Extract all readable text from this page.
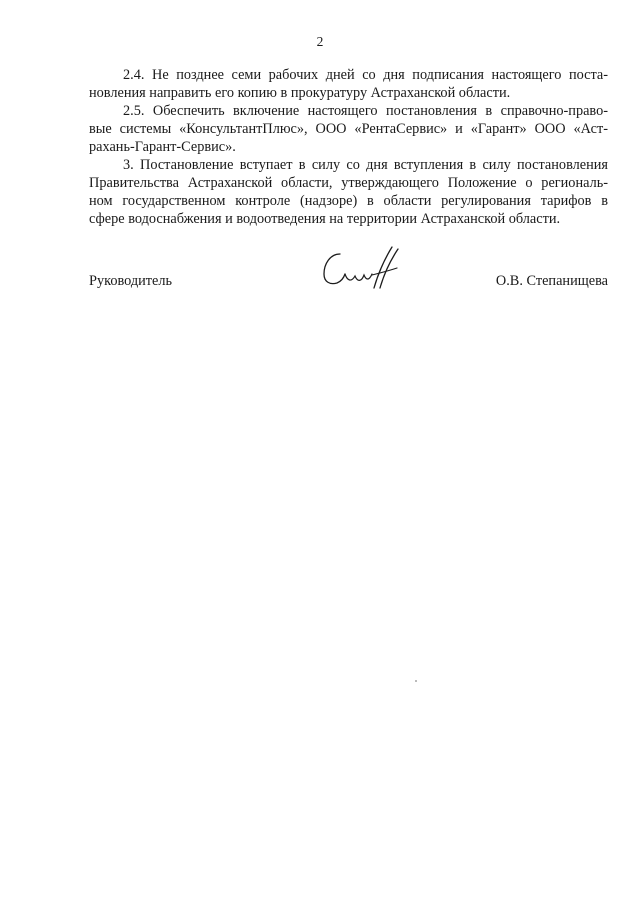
2
2.4. Не позднее семи рабочих дней со дня подписания настоящего поста-
новления направить его копию в прокуратуру Астраханской области.
2.5. Обеспечить включение настоящего постановления в справочно-право-
вые системы «КонсультантПлюс», ООО «РентаСервис» и «Гарант» ООО «Аст-
рахань-Гарант-Сервис».
3. Постановление вступает в силу со дня вступления в силу постановления
Правительства Астраханской области, утверждающего Положение о региональ-
ном государственном контроле (надзоре) в области регулирования тарифов в
сфере водоснабжения и водоотведения на территории Астраханской области.
Руководитель	О.В. Степанищева
